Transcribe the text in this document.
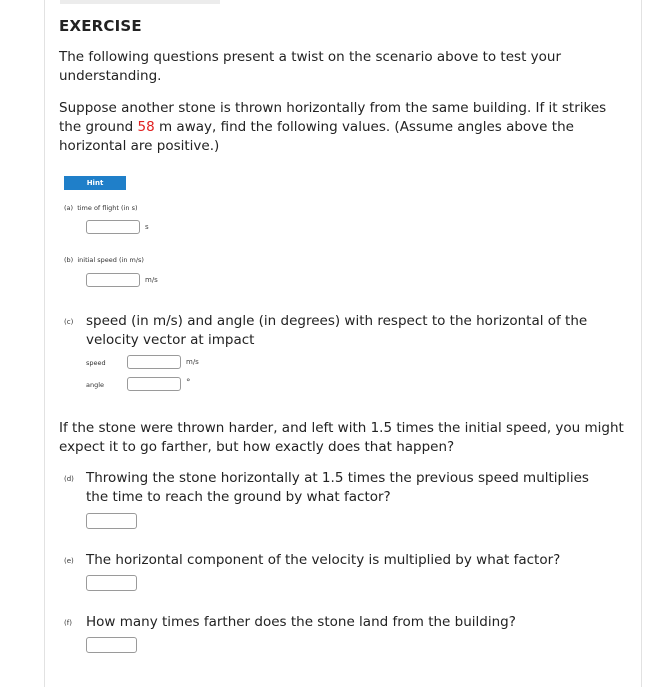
EXERCISE
The following questions present a twist on the scenario above to test your understanding.
Suppose another stone is thrown horizontally from the same building. If it strikes the ground 58 m away, find the following values. (Assume angles above the horizontal are positive.)
Hint
(a) time of flight (in s)
s
(b) initial speed (in m/s)
m/s
(c) speed (in m/s) and angle (in degrees) with respect to the horizontal of the velocity vector at impact
speed	m/s
angle	°
If the stone were thrown harder, and left with 1.5 times the initial speed, you might expect it to go farther, but how exactly does that happen?
(d) Throwing the stone horizontally at 1.5 times the previous speed multiplies the time to reach the ground by what factor?
(e) The horizontal component of the velocity is multiplied by what factor?
(f) How many times farther does the stone land from the building?
